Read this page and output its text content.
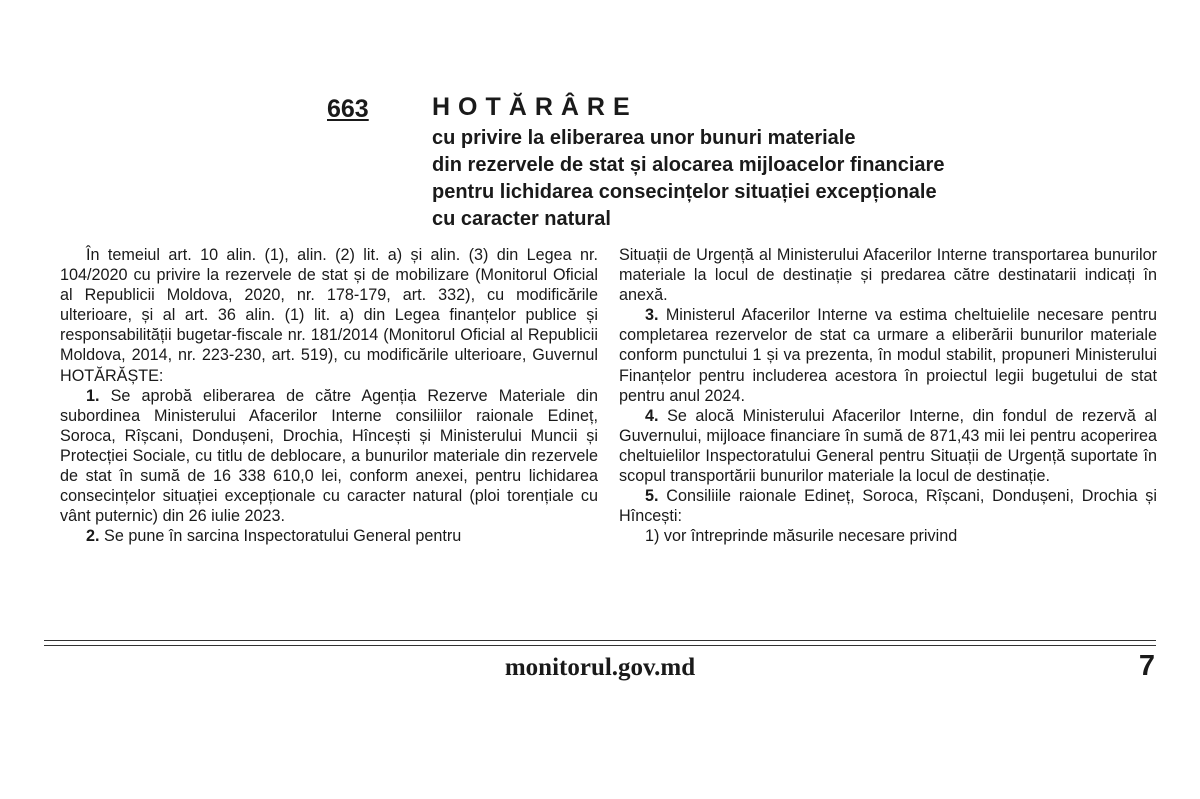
663	HOTĂRÂRE
cu privire la eliberarea unor bunuri materiale
din rezervele de stat și alocarea mijloacelor financiare
pentru lichidarea consecințelor situației excepționale
cu caracter natural

În temeiul art. 10 alin. (1), alin. (2) lit. a) și alin. (3) din Legea nr. 104/2020 cu privire la rezervele de stat și de mobilizare (Monitorul Oficial al Republicii Moldova, 2020, nr. 178-179, art. 332), cu modificările ulterioare, și al art. 36 alin. (1) lit. a) din Legea finanțelor publice și responsabilității bugetar-fiscale nr. 181/2014 (Monitorul Oficial al Republicii Moldova, 2014, nr. 223-230, art. 519), cu modificările ulterioare, Guvernul HOTĂRĂȘTE:

1. Se aprobă eliberarea de către Agenția Rezerve Materiale din subordinea Ministerului Afacerilor Interne consiliilor raionale Edineț, Soroca, Rîșcani, Dondușeni, Drochia, Hîncești și Ministerului Muncii și Protecției Sociale, cu titlu de deblocare, a bunurilor materiale din rezervele de stat în sumă de 16 338 610,0 lei, conform anexei, pentru lichidarea consecințelor situației excepționale cu caracter natural (ploi torențiale cu vânt puternic) din 26 iulie 2023.

2. Se pune în sarcina Inspectoratului General pentru

Situații de Urgență al Ministerului Afacerilor Interne transportarea bunurilor materiale la locul de destinație și predarea către destinatarii indicați în anexă.

3. Ministerul Afacerilor Interne va estima cheltuielile necesare pentru completarea rezervelor de stat ca urmare a eliberării bunurilor materiale conform punctului 1 și va prezenta, în modul stabilit, propuneri Ministerului Finanțelor pentru includerea acestora în proiectul legii bugetului de stat pentru anul 2024.

4. Se alocă Ministerului Afacerilor Interne, din fondul de rezervă al Guvernului, mijloace financiare în sumă de 871,43 mii lei pentru acoperirea cheltuielilor Inspectoratului General pentru Situații de Urgență suportate în scopul transportării bunurilor materiale la locul de destinație.

5. Consiliile raionale Edineț, Soroca, Rîșcani, Dondușeni, Drochia și Hîncești:

1) vor întreprinde măsurile necesare privind

monitorul.gov.md	7
